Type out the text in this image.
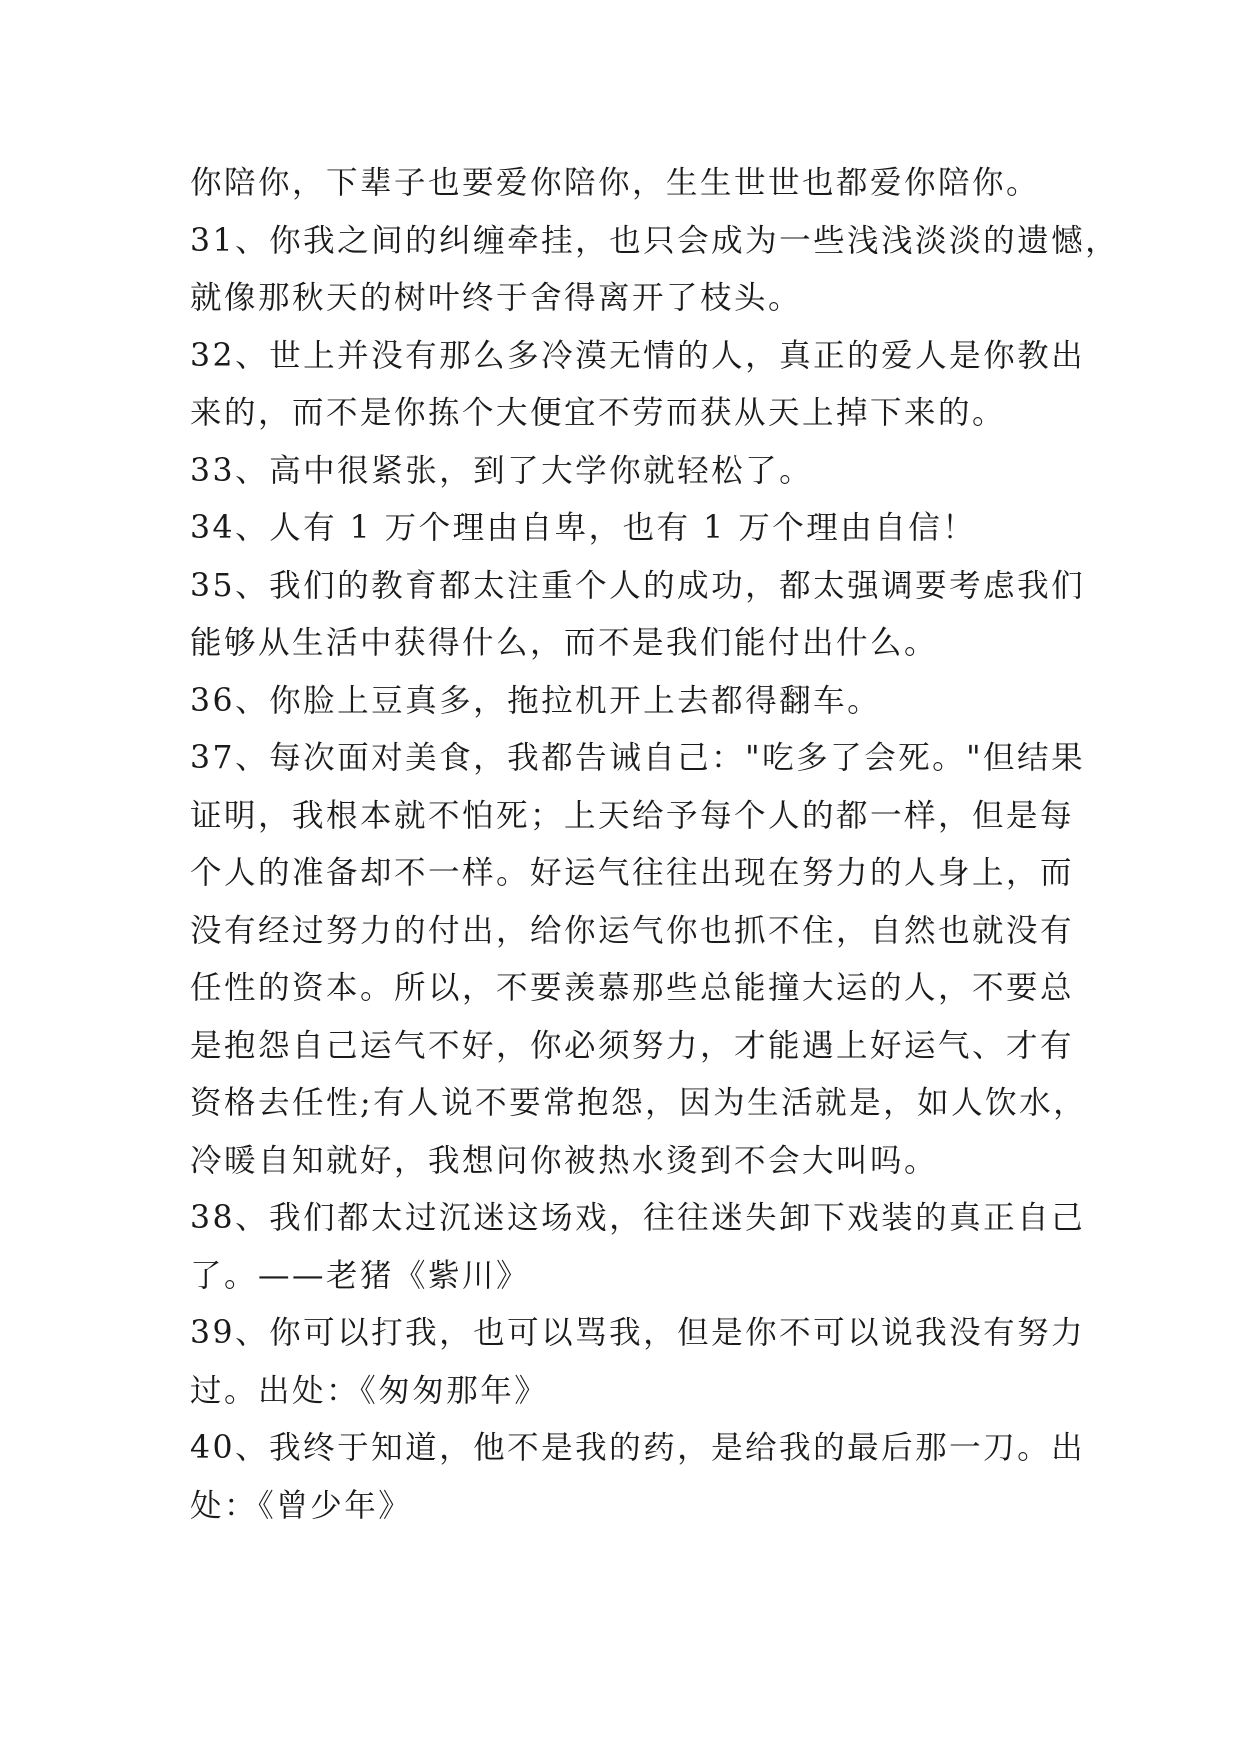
你陪你，下辈子也要爱你陪你，生生世世也都爱你陪你。
31、你我之间的纠缠牵挂，也只会成为一些浅浅淡淡的遗憾，
就像那秋天的树叶终于舍得离开了枝头。
32、世上并没有那么多冷漠无情的人，真正的爱人是你教出
来的，而不是你拣个大便宜不劳而获从天上掉下来的。
33、高中很紧张，到了大学你就轻松了。
34、人有 1 万个理由自卑，也有 1 万个理由自信！
35、我们的教育都太注重个人的成功，都太强调要考虑我们
能够从生活中获得什么，而不是我们能付出什么。
36、你脸上豆真多，拖拉机开上去都得翻车。
37、每次面对美食，我都告诫自己："吃多了会死。"但结果
证明，我根本就不怕死；上天给予每个人的都一样，但是每
个人的准备却不一样。好运气往往出现在努力的人身上，而
没有经过努力的付出，给你运气你也抓不住，自然也就没有
任性的资本。所以，不要羡慕那些总能撞大运的人，不要总
是抱怨自己运气不好，你必须努力，才能遇上好运气、才有
资格去任性;有人说不要常抱怨，因为生活就是，如人饮水，
冷暖自知就好，我想问你被热水烫到不会大叫吗。
38、我们都太过沉迷这场戏，往往迷失卸下戏装的真正自己
了。——老猪《紫川》
39、你可以打我，也可以骂我，但是你不可以说我没有努力
过。出处：《匆匆那年》
40、我终于知道，他不是我的药，是给我的最后那一刀。出
处：《曾少年》
